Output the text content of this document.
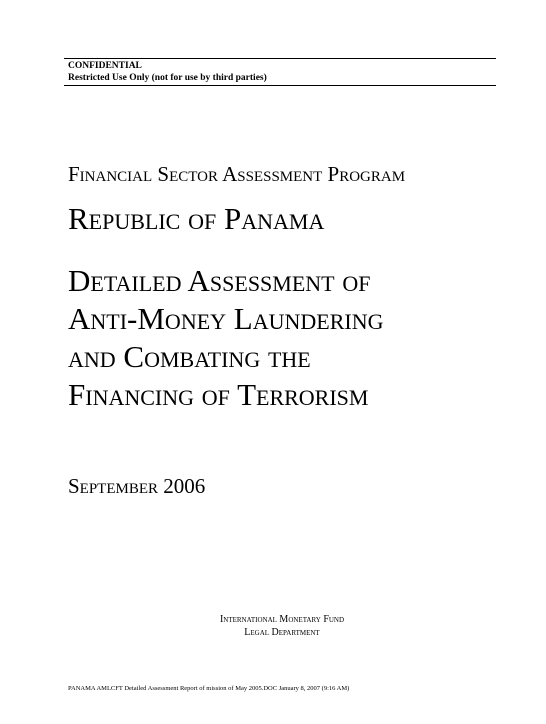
CONFIDENTIAL
Restricted Use Only (not for use by third parties)
Financial Sector Assessment Program
Republic of Panama
Detailed Assessment of
Anti-Money Laundering
and Combating the
Financing of Terrorism
September 2006
International Monetary Fund
Legal Department
PANAMA AMLCFT Detailed Assessment Report of mission of May 2005.DOC January 8, 2007 (9:16 AM)
